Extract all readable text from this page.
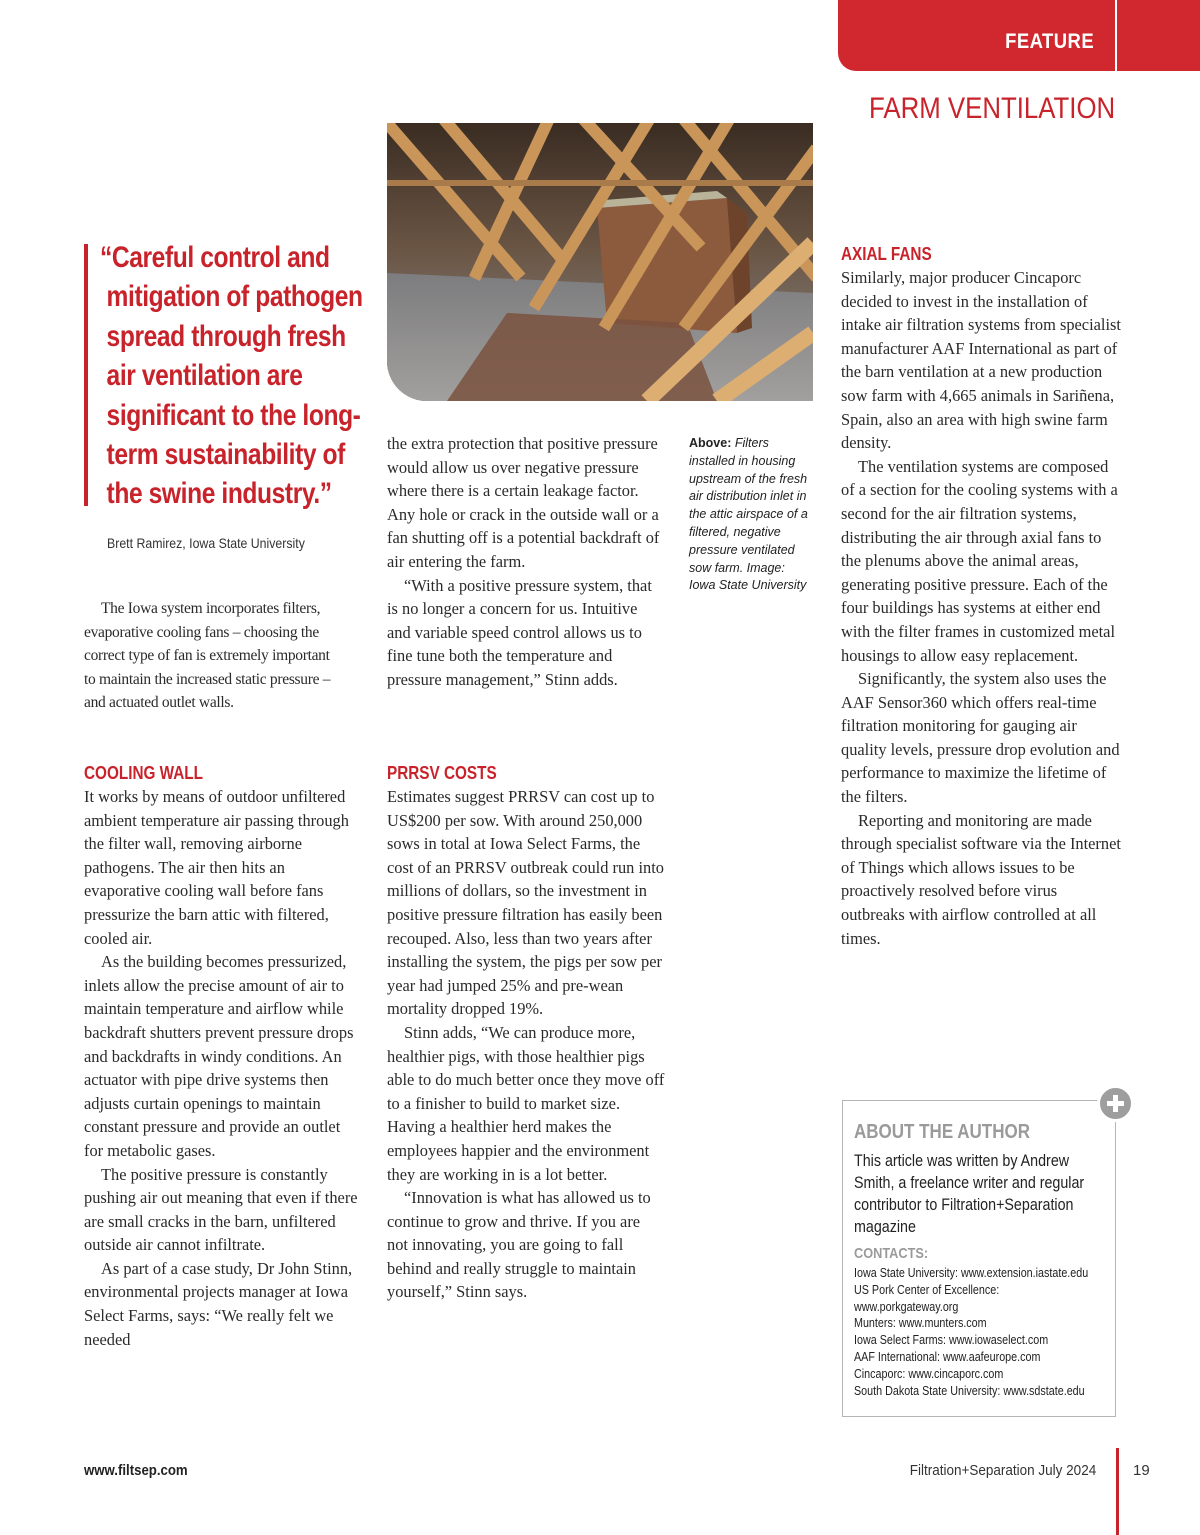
FEATURE
FARM VENTILATION
“Careful control and
mitigation of pathogen
spread through fresh
air ventilation are
significant to the long-
term sustainability of
the swine industry.”
Brett Ramirez, Iowa State University

The Iowa system incorporates filters, evaporative cooling fans – choosing the correct type of fan is extremely important to maintain the increased static pressure – and actuated outlet walls.

COOLING WALL

It works by means of outdoor unfiltered ambient temperature air passing through the filter wall, removing airborne pathogens. The air then hits an evaporative cooling wall before fans pressurize the barn attic with filtered, cooled air.

As the building becomes pressurized, inlets allow the precise amount of air to maintain temperature and airflow while backdraft shutters prevent pressure drops and backdrafts in windy conditions. An actuator with pipe drive systems then adjusts curtain openings to maintain constant pressure and provide an outlet for metabolic gases.

The positive pressure is constantly pushing air out meaning that even if there are small cracks in the barn, unfiltered outside air cannot infiltrate.

As part of a case study, Dr John Stinn, environmental projects manager at Iowa Select Farms, says: “We really felt we needed

Above: Filters installed in housing upstream of the fresh air distribution inlet in the attic airspace of a filtered, negative pressure ventilated sow farm. Image: Iowa State University

the extra protection that positive pressure would allow us over negative pressure where there is a certain leakage factor. Any hole or crack in the outside wall or a fan shutting off is a potential backdraft of air entering the farm.

“With a positive pressure system, that is no longer a concern for us. Intuitive and variable speed control allows us to fine tune both the temperature and pressure management,” Stinn adds.

PRRSV COSTS

Estimates suggest PRRSV can cost up to US$200 per sow. With around 250,000 sows in total at Iowa Select Farms, the cost of an PRRSV outbreak could run into millions of dollars, so the investment in positive pressure filtration has easily been recouped. Also, less than two years after installing the system, the pigs per sow per year had jumped 25% and pre-wean mortality dropped 19%.

Stinn adds, “We can produce more, healthier pigs, with those healthier pigs able to do much better once they move off to a finisher to build to market size. Having a healthier herd makes the employees happier and the environment they are working in is a lot better.

“Innovation is what has allowed us to continue to grow and thrive. If you are not innovating, you are going to fall behind and really struggle to maintain yourself,” Stinn says.

AXIAL FANS

Similarly, major producer Cincaporc decided to invest in the installation of intake air filtration systems from specialist manufacturer AAF International as part of the barn ventilation at a new production sow farm with 4,665 animals in Sariñena, Spain, also an area with high swine farm density.

The ventilation systems are composed of a section for the cooling systems with a second for the air filtration systems, distributing the air through axial fans to the plenums above the animal areas, generating positive pressure. Each of the four buildings has systems at either end with the filter frames in customized metal housings to allow easy replacement.

Significantly, the system also uses the AAF Sensor360 which offers real-time filtration monitoring for gauging air quality levels, pressure drop evolution and performance to maximize the lifetime of the filters.

Reporting and monitoring are made through specialist software via the Internet of Things which allows issues to be proactively resolved before virus outbreaks with airflow controlled at all times.

ABOUT THE AUTHOR
This article was written by Andrew
Smith, a freelance writer and regular
contributor to Filtration+Separation
magazine
CONTACTS:
Iowa State University: www.extension.iastate.edu
US Pork Center of Excellence:
www.porkgateway.org
Munters: www.munters.com
Iowa Select Farms: www.iowaselect.com
AAF International: www.aafeurope.com
Cincaporc: www.cincaporc.com
South Dakota State University: www.sdstate.edu
www.filtsep.com	Filtration+Separation July 2024 19
